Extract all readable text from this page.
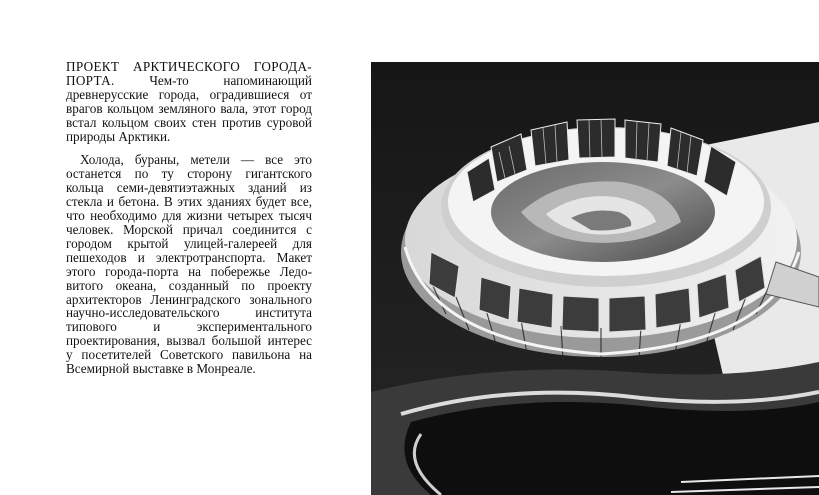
ПРОЕКТ АРКТИЧЕСКОГО ГОРОДА-ПОРТА. Чем-то напоминающий древнерусские города, оградившиеся от врагов кольцом земляного вала, этот город встал кольцом своих стен против суровой природы Арктики.

Холода, бураны, метели — все это останется по ту сторону гигантского кольца семи-девятиэтажных зданий из стекла и бетона. В этих зданиях будет все, что необходимо для жизни четырех тысяч человек. Морской причал соединится с городом крытой улицей-галереей для пешеходов и электротранспорта. Макет этого города-порта на побережье Ледовитого океана, созданный по проекту архитекторов Ленинградского зонального научно-исследовательского института типового и экспериментального проектирования, вызвал большой интерес у посетителей Советского павильона на Всемирной выставке в Монреале.
